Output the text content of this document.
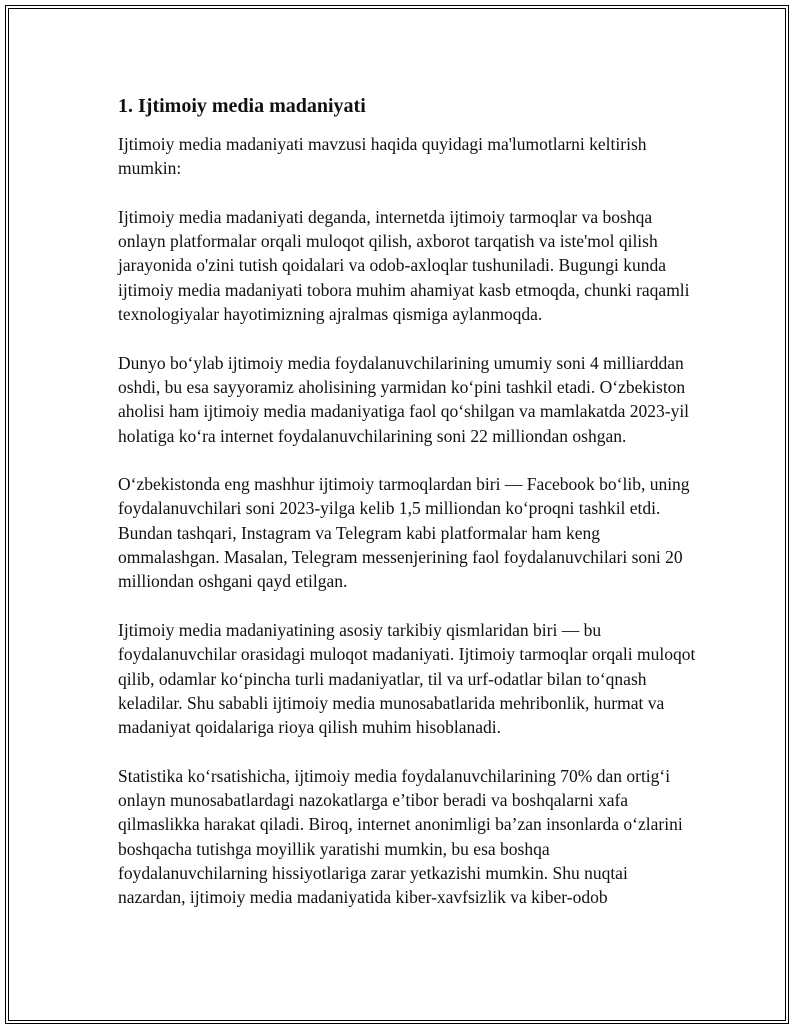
1. Ijtimoiy media madaniyati

Ijtimoiy media madaniyati mavzusi haqida quyidagi ma'lumotlarni keltirish mumkin:

Ijtimoiy media madaniyati deganda, internetda ijtimoiy tarmoqlar va boshqa onlayn platformalar orqali muloqot qilish, axborot tarqatish va iste'mol qilish jarayonida o'zini tutish qoidalari va odob-axloqlar tushuniladi. Bugungi kunda ijtimoiy media madaniyati tobora muhim ahamiyat kasb etmoqda, chunki raqamli texnologiyalar hayotimizning ajralmas qismiga aylanmoqda.

Dunyo boʻylab ijtimoiy media foydalanuvchilarining umumiy soni 4 milliarddan oshdi, bu esa sayyoramiz aholisining yarmidan koʻpini tashkil etadi. Oʻzbekiston aholisi ham ijtimoiy media madaniyatiga faol qoʻshilgan va mamlakatda 2023-yil holatiga koʻra internet foydalanuvchilarining soni 22 milliondan oshgan.

Oʻzbekistonda eng mashhur ijtimoiy tarmoqlardan biri — Facebook boʻlib, uning foydalanuvchilari soni 2023-yilga kelib 1,5 milliondan koʻproqni tashkil etdi. Bundan tashqari, Instagram va Telegram kabi platformalar ham keng ommalashgan. Masalan, Telegram messenjerining faol foydalanuvchilari soni 20 milliondan oshgani qayd etilgan.

Ijtimoiy media madaniyatining asosiy tarkibiy qismlaridan biri — bu foydalanuvchilar orasidagi muloqot madaniyati. Ijtimoiy tarmoqlar orqali muloqot qilib, odamlar koʻpincha turli madaniyatlar, til va urf-odatlar bilan toʻqnash keladilar. Shu sababli ijtimoiy media munosabatlarida mehribonlik, hurmat va madaniyat qoidalariga rioya qilish muhim hisoblanadi.

Statistika koʻrsatishicha, ijtimoiy media foydalanuvchilarining 70% dan ortigʻi onlayn munosabatlardagi nazokatlarga e’tibor beradi va boshqalarni xafa qilmaslikka harakat qiladi. Biroq, internet anonimligi ba’zan insonlarda oʻzlarini boshqacha tutishga moyillik yaratishi mumkin, bu esa boshqa foydalanuvchilarning hissiyotlariga zarar yetkazishi mumkin. Shu nuqtai nazardan, ijtimoiy media madaniyatida kiber-xavfsizlik va kiber-odob
